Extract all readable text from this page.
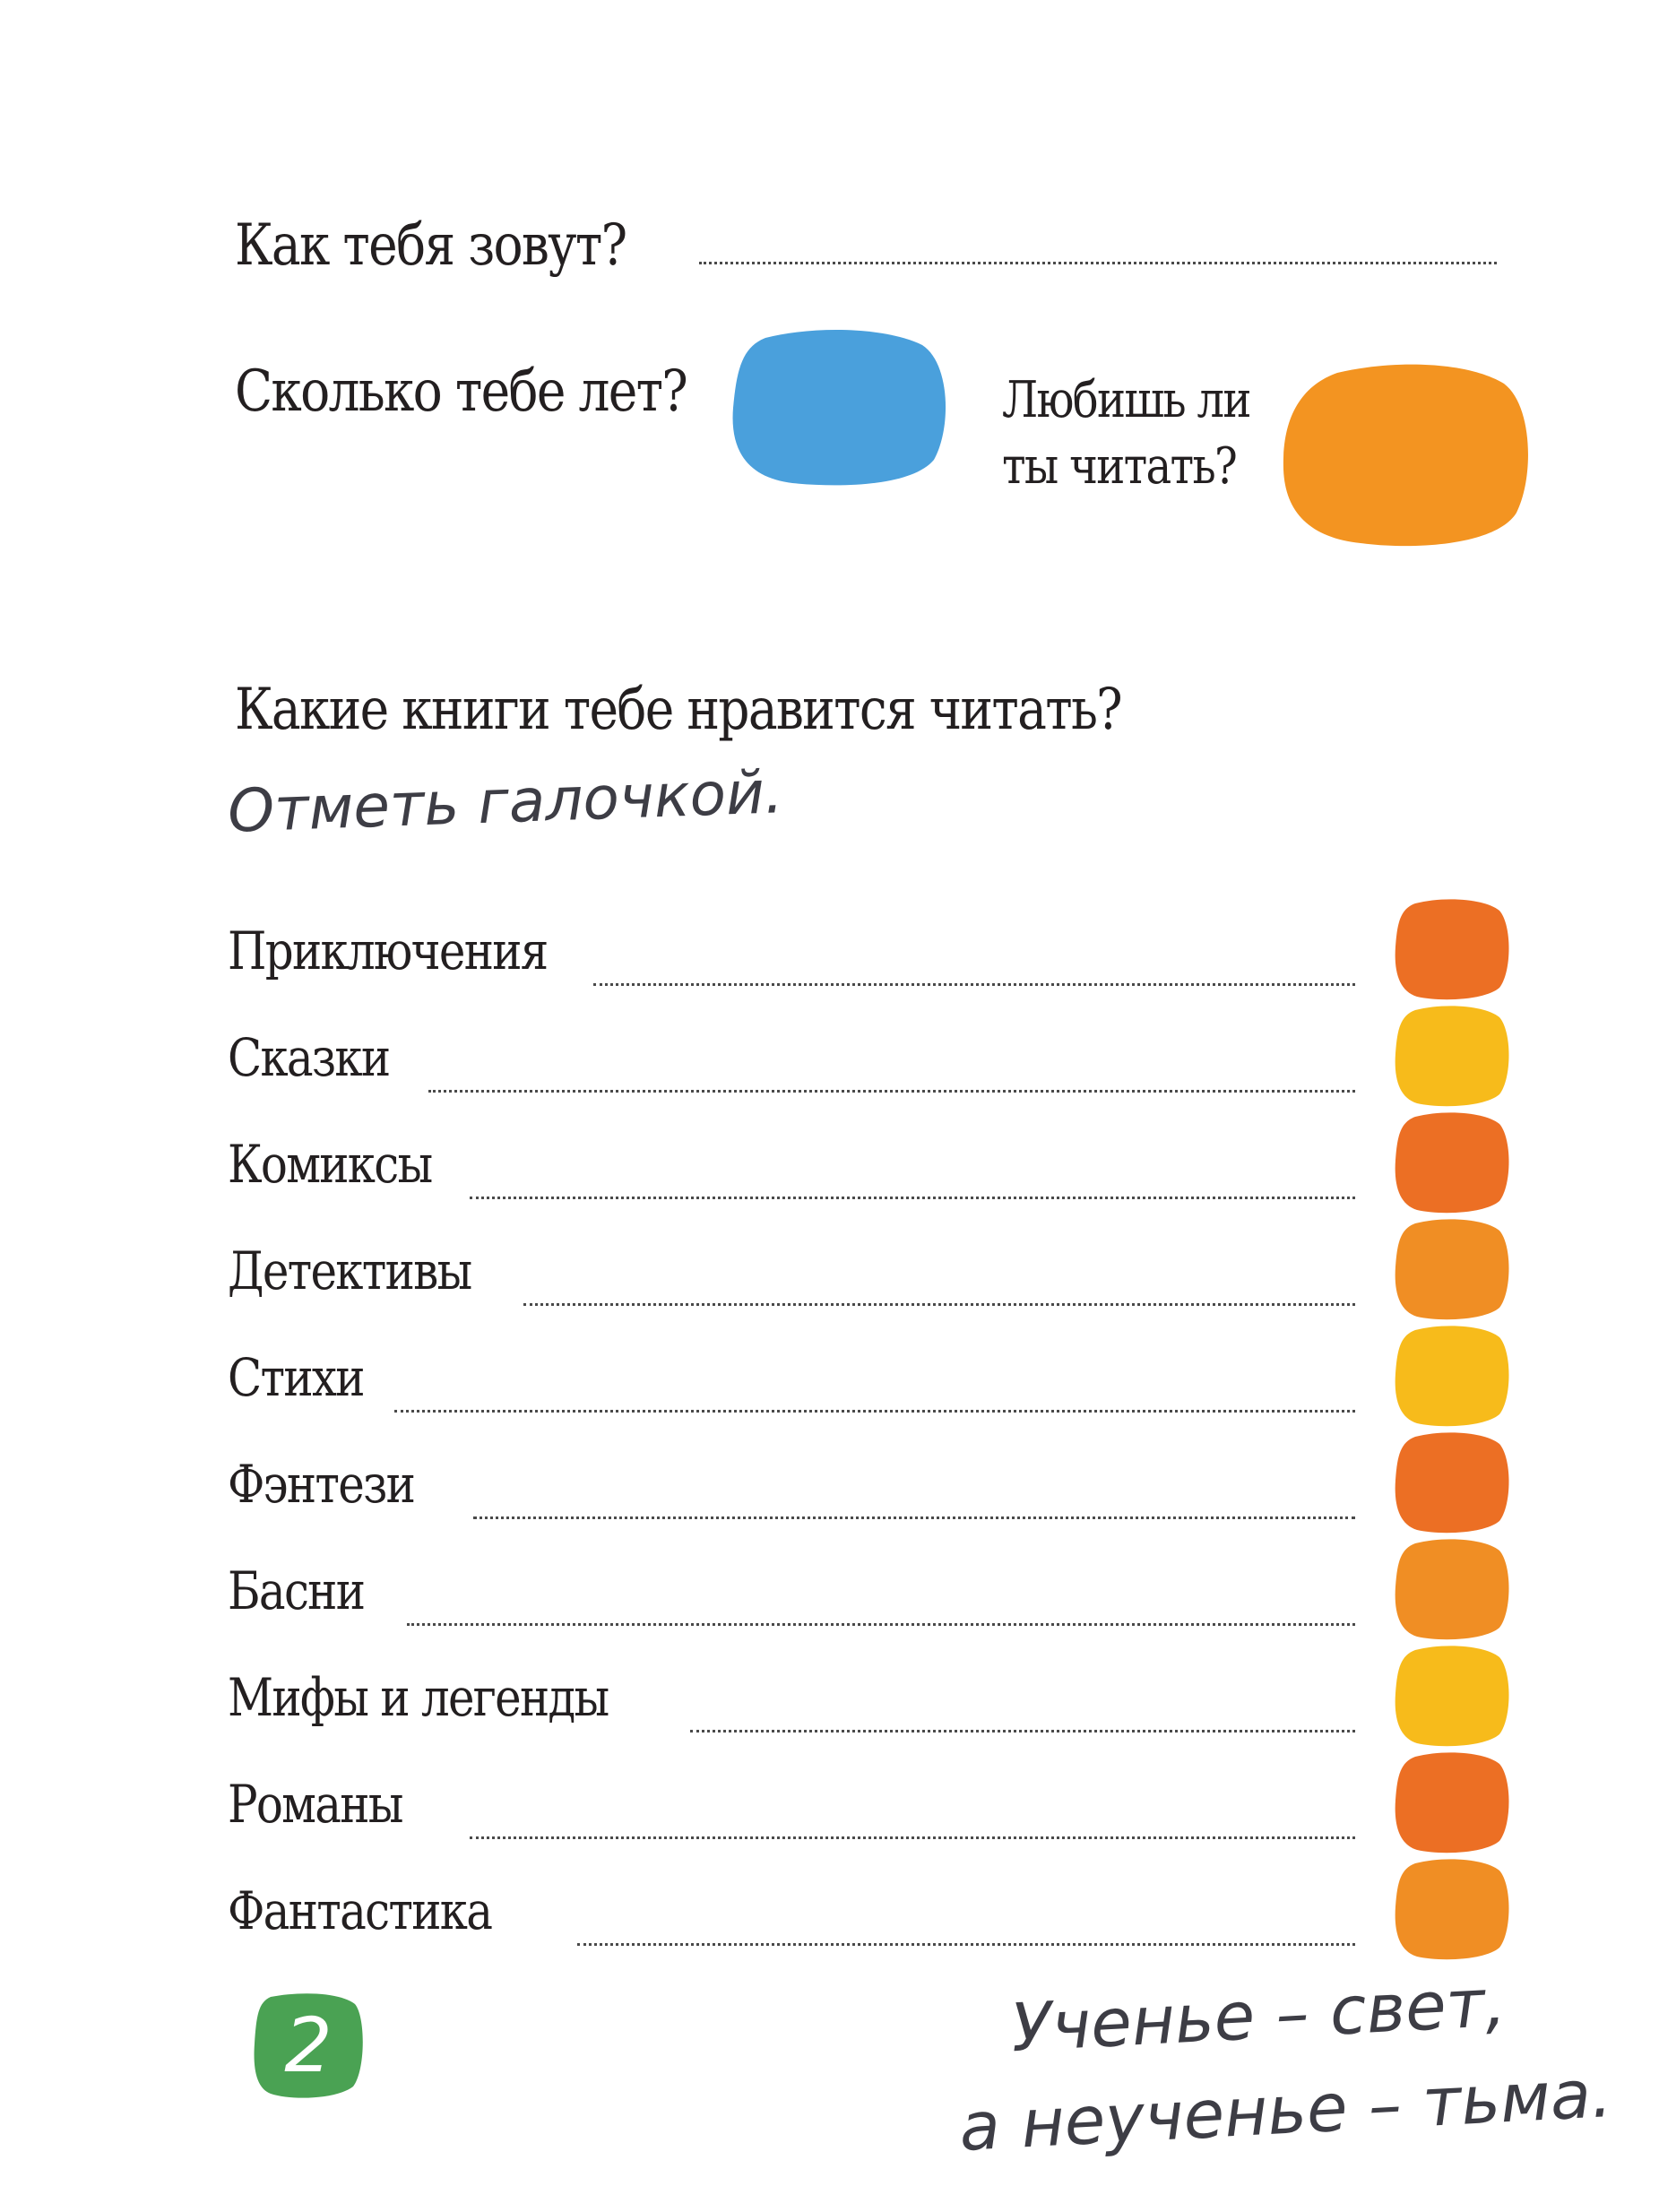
Как тебя зовут?
Сколько тебе лет?	Любишь ли
ты читать?
Какие книги тебе нравится читать?
Отметь галочкой.
Приключения
Сказки
Комиксы
Детективы
Стихи
Фэнтези
Басни
Мифы и легенды
Романы
Фантастика
2	Ученье – свет,
а неученье – тьма.
